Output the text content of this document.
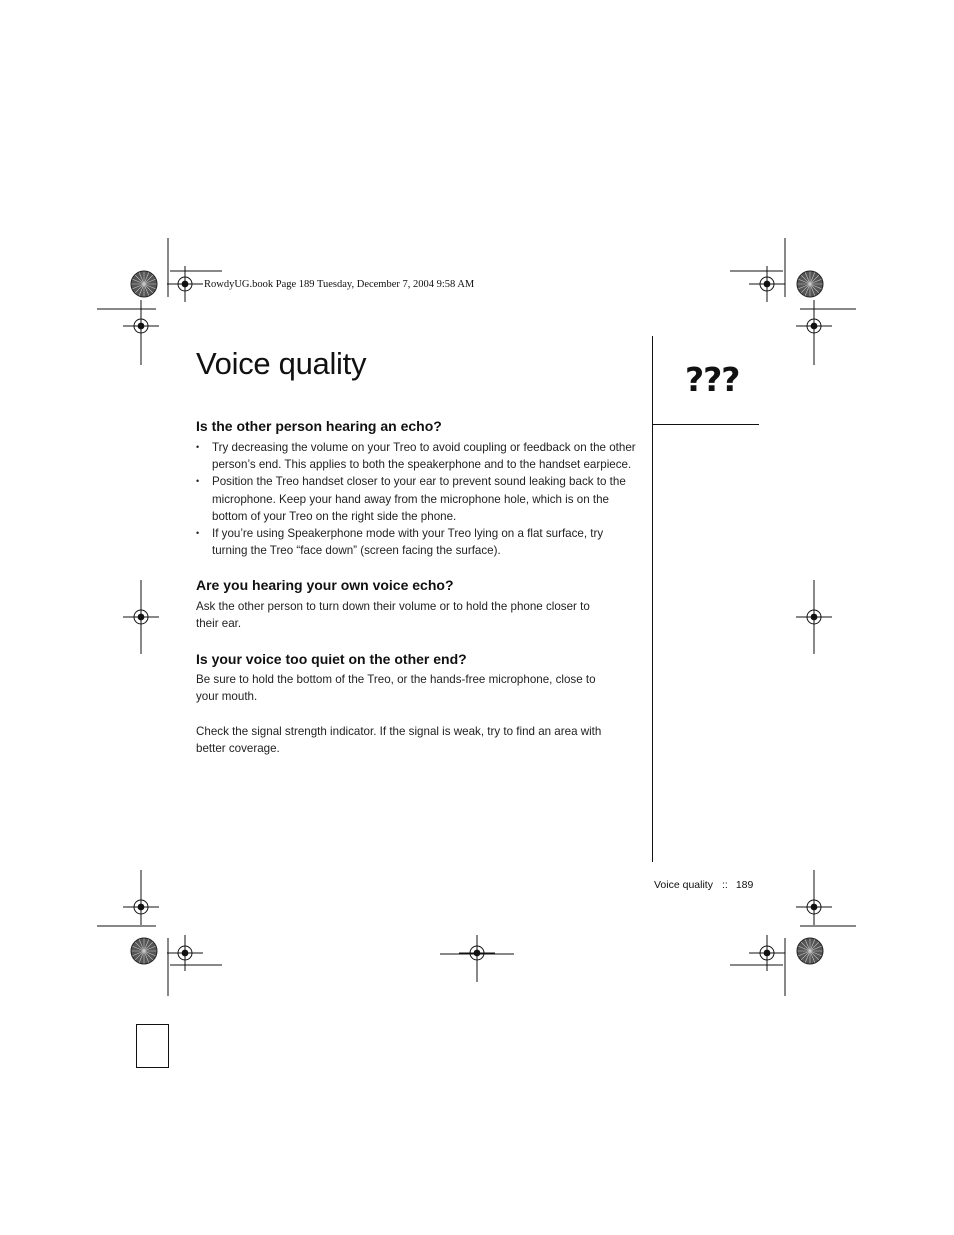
RowdyUG.book Page 189 Tuesday, December 7, 2004 9:58 AM
Voice quality	???
Is the other person hearing an echo?
• Try decreasing the volume on your Treo to avoid coupling or feedback on the other person’s end. This applies to both the speakerphone and to the handset earpiece.
• Position the Treo handset closer to your ear to prevent sound leaking back to the microphone. Keep your hand away from the microphone hole, which is on the bottom of your Treo on the right side the phone.
• If you’re using Speakerphone mode with your Treo lying on a flat surface, try turning the Treo “face down” (screen facing the surface).
Are you hearing your own voice echo?

Ask the other person to turn down their volume or to hold the phone closer to their ear.

Is your voice too quiet on the other end?

Be sure to hold the bottom of the Treo, or the hands-free microphone, close to your mouth.

Check the signal strength indicator. If the signal is weak, try to find an area with better coverage.

Voice quality :: 189
